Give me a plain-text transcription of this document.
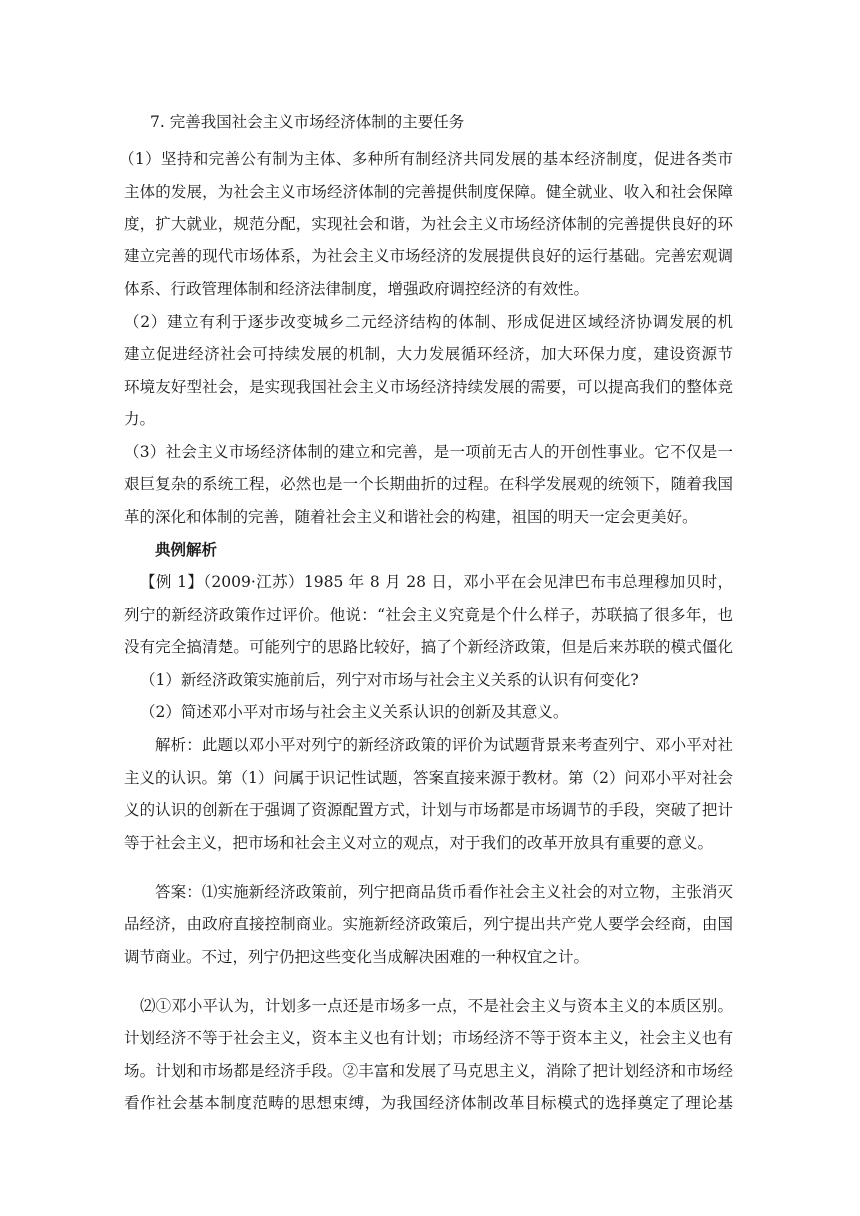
7. 完善我国社会主义市场经济体制的主要任务
（1）坚持和完善公有制为主体、多种所有制经济共同发展的基本经济制度，促进各类市
主体的发展，为社会主义市场经济体制的完善提供制度保障。健全就业、收入和社会保障
度，扩大就业，规范分配，实现社会和谐，为社会主义市场经济体制的完善提供良好的环
建立完善的现代市场体系，为社会主义市场经济的发展提供良好的运行基础。完善宏观调
体系、行政管理体制和经济法律制度，增强政府调控经济的有效性。
（2）建立有利于逐步改变城乡二元经济结构的体制、形成促进区域经济协调发展的机
建立促进经济社会可持续发展的机制，大力发展循环经济，加大环保力度，建设资源节
环境友好型社会，是实现我国社会主义市场经济持续发展的需要，可以提高我们的整体竞
力。
（3）社会主义市场经济体制的建立和完善，是一项前无古人的开创性事业。它不仅是一
艰巨复杂的系统工程，必然也是一个长期曲折的过程。在科学发展观的统领下，随着我国
革的深化和体制的完善，随着社会主义和谐社会的构建，祖国的明天一定会更美好。
典例解析
【例 1】（2009·江苏）1985 年 8 月 28 日，邓小平在会见津巴布韦总理穆加贝时，
列宁的新经济政策作过评价。他说：“社会主义究竟是个什么样子，苏联搞了很多年，也
没有完全搞清楚。可能列宁的思路比较好，搞了个新经济政策，但是后来苏联的模式僵化
（1）新经济政策实施前后，列宁对市场与社会主义关系的认识有何变化?
（2）简述邓小平对市场与社会主义关系认识的创新及其意义。
解析：此题以邓小平对列宁的新经济政策的评价为试题背景来考查列宁、邓小平对社
主义的认识。第（1）问属于识记性试题，答案直接来源于教材。第（2）问邓小平对社会
义的认识的创新在于强调了资源配置方式，计划与市场都是市场调节的手段，突破了把计
等于社会主义，把市场和社会主义对立的观点，对于我们的改革开放具有重要的意义。
答案：⑴实施新经济政策前，列宁把商品货币看作社会主义社会的对立物，主张消灭
品经济，由政府直接控制商业。实施新经济政策后，列宁提出共产党人要学会经商，由国
调节商业。不过，列宁仍把这些变化当成解决困难的一种权宜之计。
⑵①邓小平认为，计划多一点还是市场多一点，不是社会主义与资本主义的本质区别。
计划经济不等于社会主义，资本主义也有计划；市场经济不等于资本主义，社会主义也有
场。计划和市场都是经济手段。②丰富和发展了马克思主义，消除了把计划经济和市场经
看作社会基本制度范畴的思想束缚，为我国经济体制改革目标模式的选择奠定了理论基
